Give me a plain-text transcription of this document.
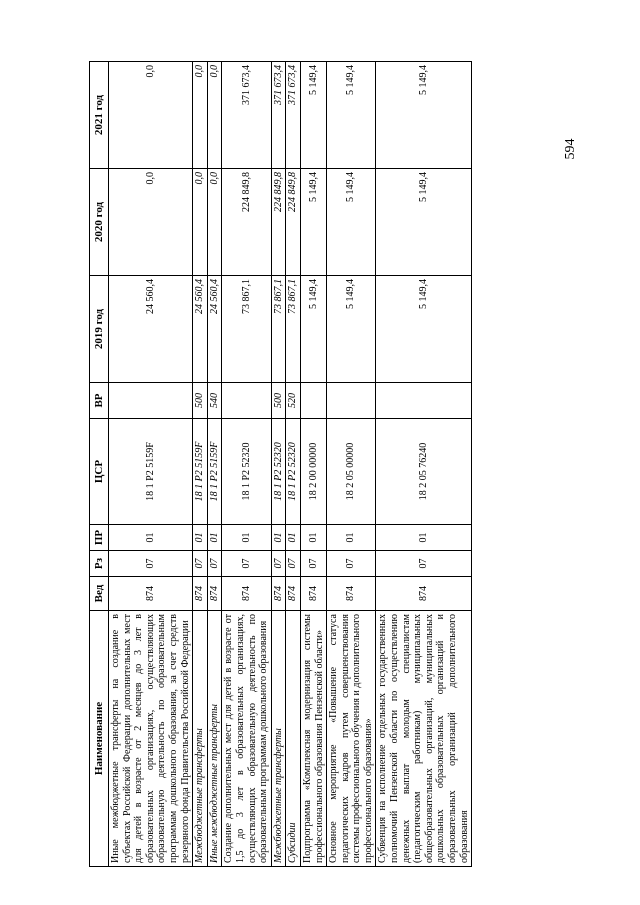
594
Наименование	Вед	Рз	ПР	ЦСР	ВР	2019 год	2020 год	2021 год
Иные межбюджетные трансферты на создание в субъектах Российской Федерации дополнительных мест для детей в возрасте от 2 месяцев до 3 лет в образовательных организациях, осуществляющих образовательную деятельность по образовательным программам дошкольного образования, за счет средств резервного фонда Правительства Российской Федерации	874	07	01	18 1 P2 5159F		24 560,4	0,0	0,0
Межбюджетные трансферты	874	07	01	18 1 P2 5159F	500	24 560,4	0,0	0,0
Иные межбюджетные трансферты	874	07	01	18 1 P2 5159F	540	24 560,4	0,0	0,0
Создание дополнительных мест для детей в возрасте от 1,5 до 3 лет в образовательных организациях, осуществляющих образовательную деятельность по образовательным программам дошкольного образования	874	07	01	18 1 P2 52320		73 867,1	224 849,8	371 673,4
Межбюджетные трансферты	874	07	01	18 1 P2 52320	500	73 867,1	224 849,8	371 673,4
Субсидии	874	07	01	18 1 P2 52320	520	73 867,1	224 849,8	371 673,4
Подпрограмма «Комплексная модернизация системы профессионального образования Пензенской области»	874	07	01	18 2 00 00000		5 149,4	5 149,4	5 149,4
Основное мероприятие «Повышение статуса педагогических кадров путем совершенствования системы профессионального обучения и дополнительного профессионального образования»	874	07	01	18 2 05 00000		5 149,4	5 149,4	5 149,4
Субвенция на исполнение отдельных государственных полномочий Пензенской области по осуществлению денежных выплат молодым специалистам (педагогическим работникам) муниципальных общеобразовательных организаций, муниципальных дошкольных образовательных организаций и образовательных организаций дополнительного образования	874	07	01	18 2 05 76240		5 149,4	5 149,4	5 149,4
